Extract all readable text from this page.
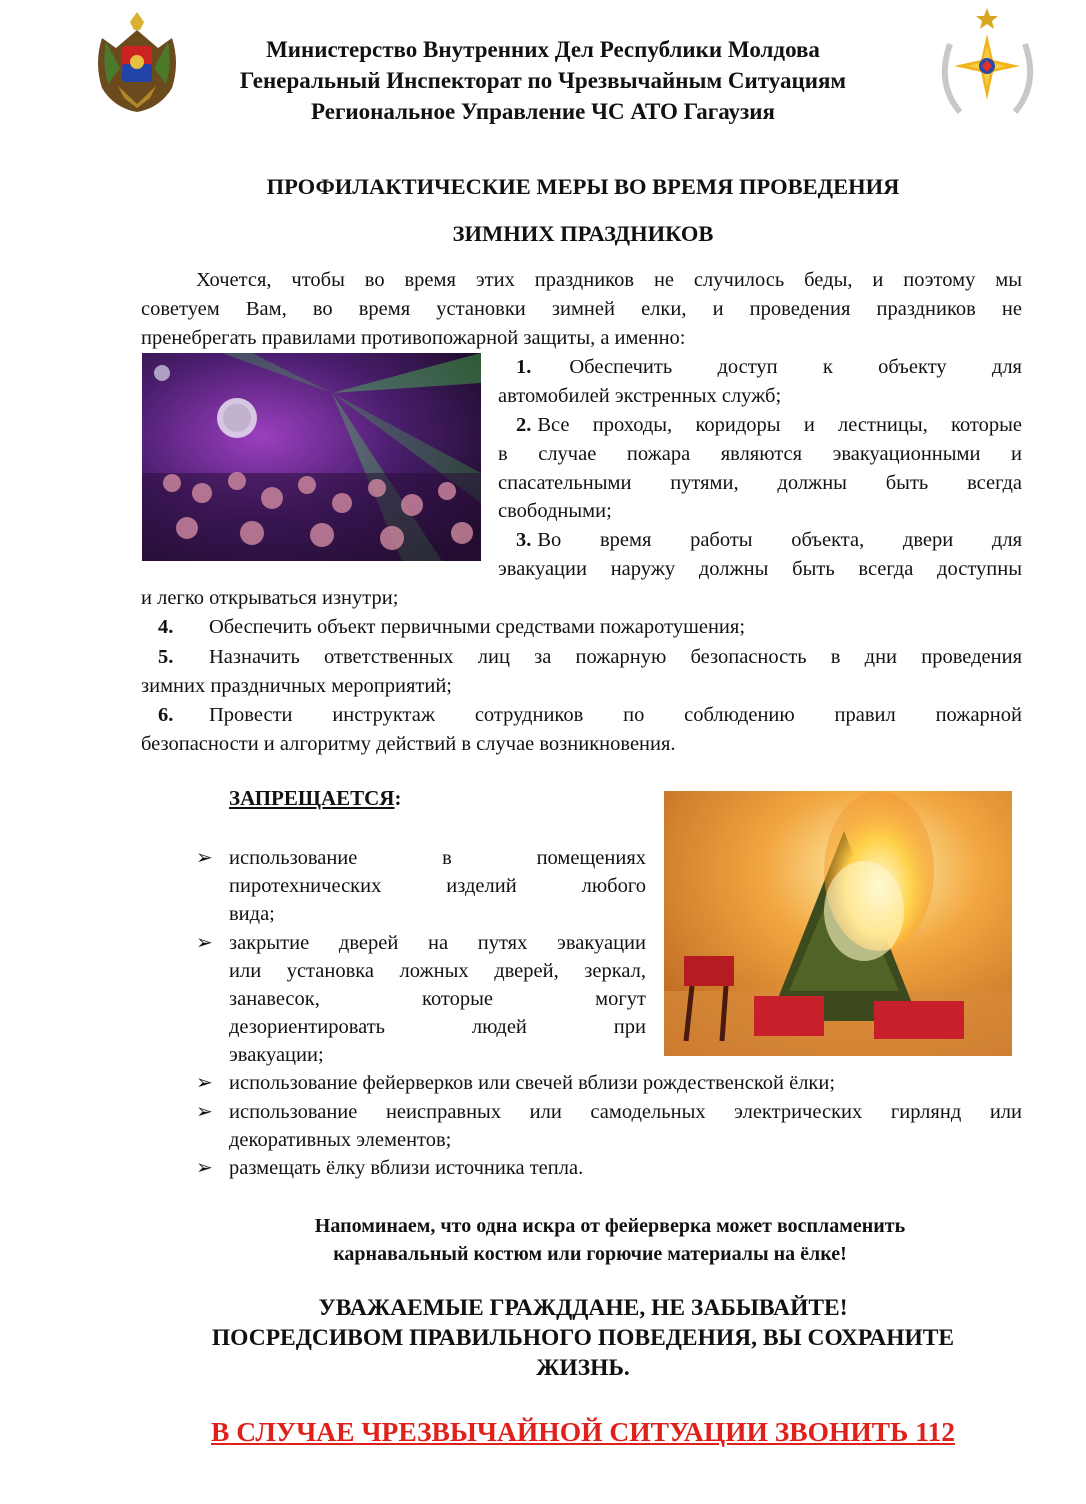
Министерство Внутренних Дел Республики Молдова
Генеральный Инспекторат по Чрезвычайным Ситуациям
Региональное Управление ЧС АТО Гагаузия
ПРОФИЛАКТИЧЕСКИЕ МЕРЫ ВО ВРЕМЯ ПРОВЕДЕНИЯ
ЗИМНИХ ПРАЗДНИКОВ
Хочется, чтобы во время этих праздников не случилось беды, и поэтому мы
советуем Вам, во время установки зимней елки, и проведения праздников не
пренебрегать правилами противопожарной защиты, а именно:
1. Обеспечить доступ к объекту для
автомобилей экстренных служб;
2. Все проходы, коридоры и лестницы, которые
в случае пожара являются эвакуационными и
спасательными путями, должны быть всегда
свободными;
3. Во время работы объекта, двери для
эвакуации наружу должны быть всегда доступны
и легко открываться изнутри;
4. Обеспечить объект первичными средствами пожаротушения;
5. Назначить ответственных лиц за пожарную безопасность в дни проведения
зимних праздничных мероприятий;
6. Провести инструктаж сотрудников по соблюдению правил пожарной
безопасности и алгоритму действий в случае возникновения.
ЗАПРЕЩАЕТСЯ:
➢ использование в помещениях
пиротехнических изделий любого
вида;
➢ закрытие дверей на путях эвакуации
или установка ложных дверей, зеркал,
занавесок, которые могут
дезориентировать людей при
эвакуации;
➢ использование фейерверков или свечей вблизи рождественской ёлки;
➢ использование неисправных или самодельных электрических гирлянд или
декоративных элементов;
➢ размещать ёлку вблизи источника тепла.
Напоминаем, что одна искра от фейерверка может воспламенить
карнавальный костюм или горючие материалы на ёлке!
УВАЖАЕМЫЕ ГРАЖДДАНЕ, НЕ ЗАБЫВАЙТЕ!
ПОСРЕДСИВОМ ПРАВИЛЬНОГО ПОВЕДЕНИЯ, ВЫ СОХРАНИТЕ
ЖИЗНЬ.
В СЛУЧАЕ ЧРЕЗВЫЧАЙНОЙ СИТУАЦИИ ЗВОНИТЬ 112
